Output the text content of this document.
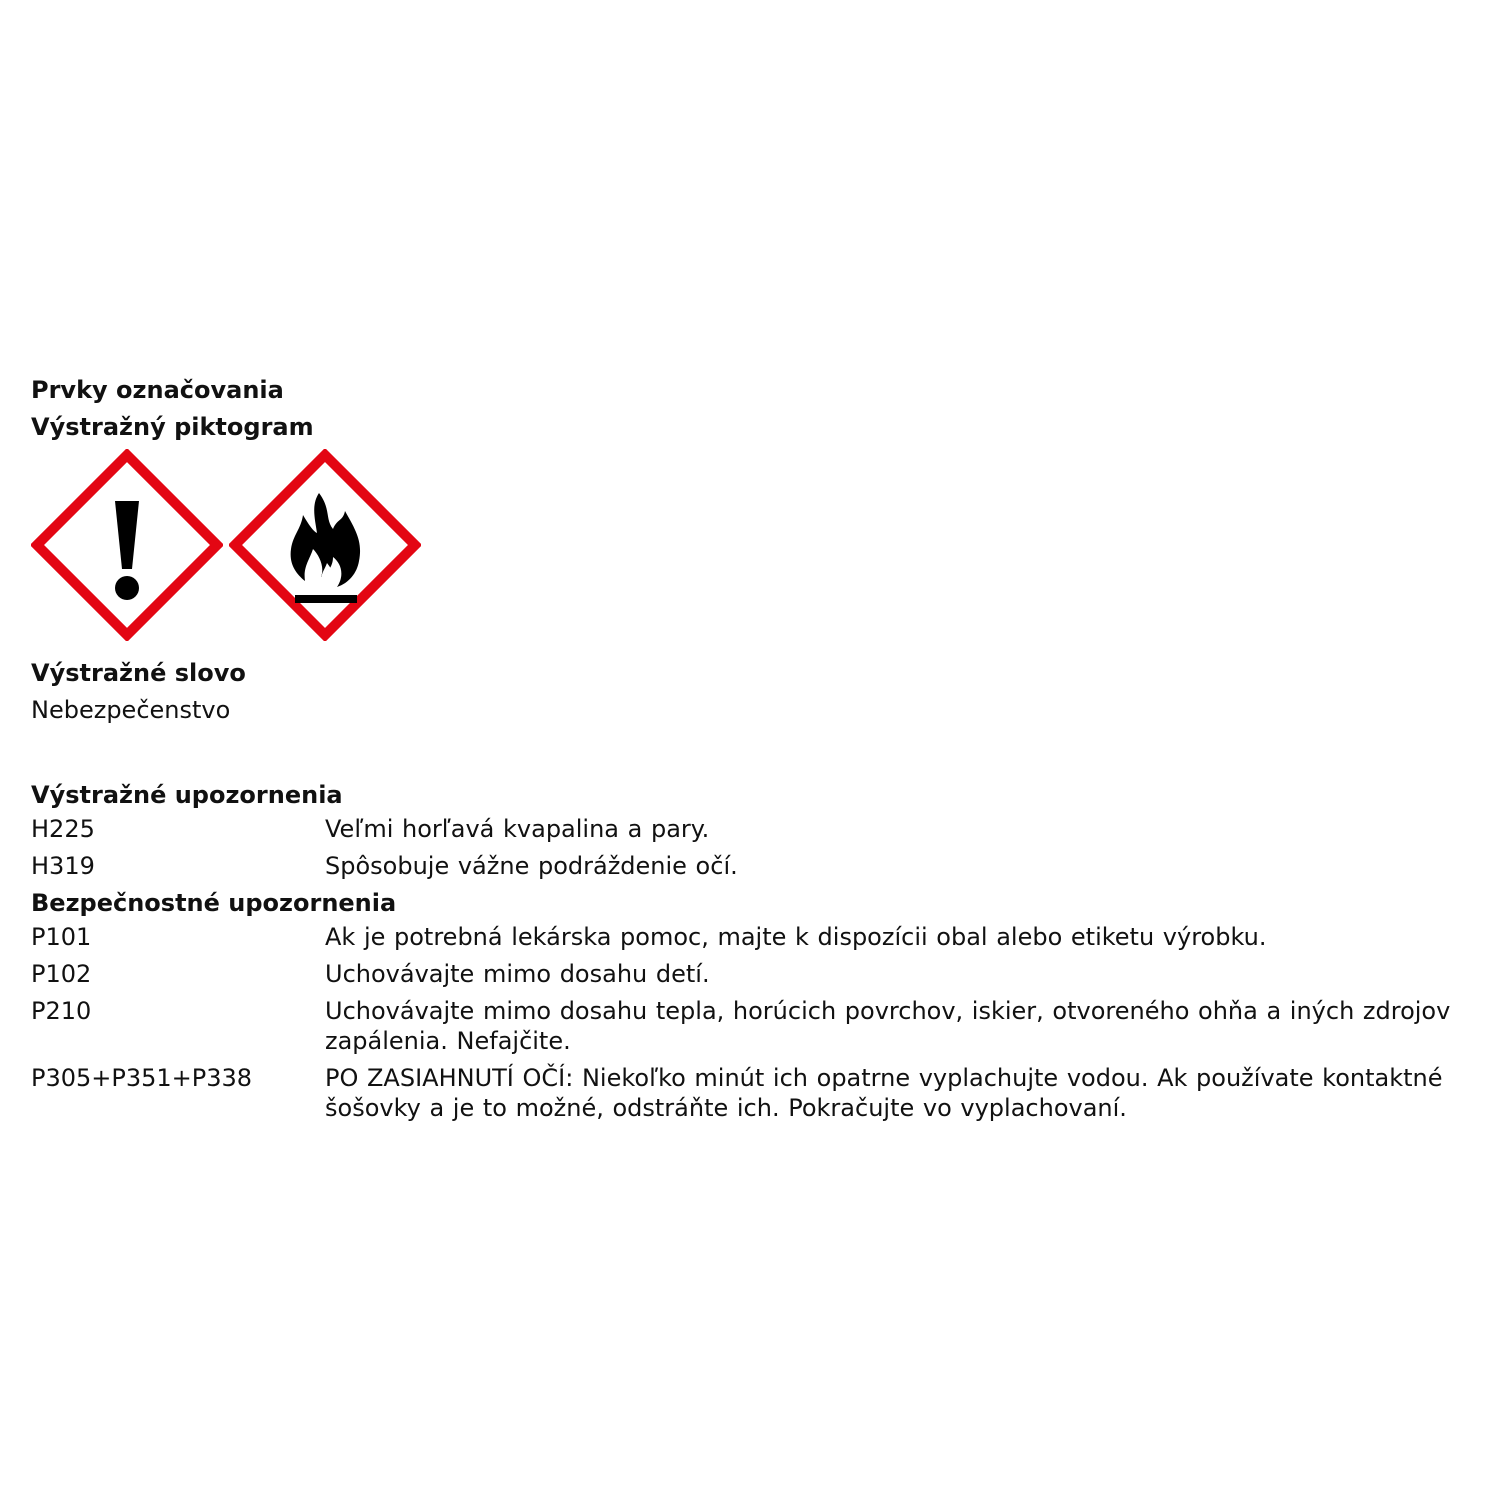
Prvky označovania

Výstražný piktogram

Výstražné slovo

Nebezpečenstvo

Výstražné upozornenia

H225	Veľmi horľavá kvapalina a pary.
H319	Spôsobuje vážne podráždenie očí.

Bezpečnostné upozornenia

P101	Ak je potrebná lekárska pomoc, majte k dispozícii obal alebo etiketu výrobku.
P102	Uchovávajte mimo dosahu detí.
P210	Uchovávajte mimo dosahu tepla, horúcich povrchov, iskier, otvoreného ohňa a iných zdrojov zapálenia. Nefajčite.
P305+P351+P338	PO ZASIAHNUTÍ OČÍ: Niekoľko minút ich opatrne vyplachujte vodou. Ak používate kontaktné šošovky a je to možné, odstráňte ich. Pokračujte vo vyplachovaní.
